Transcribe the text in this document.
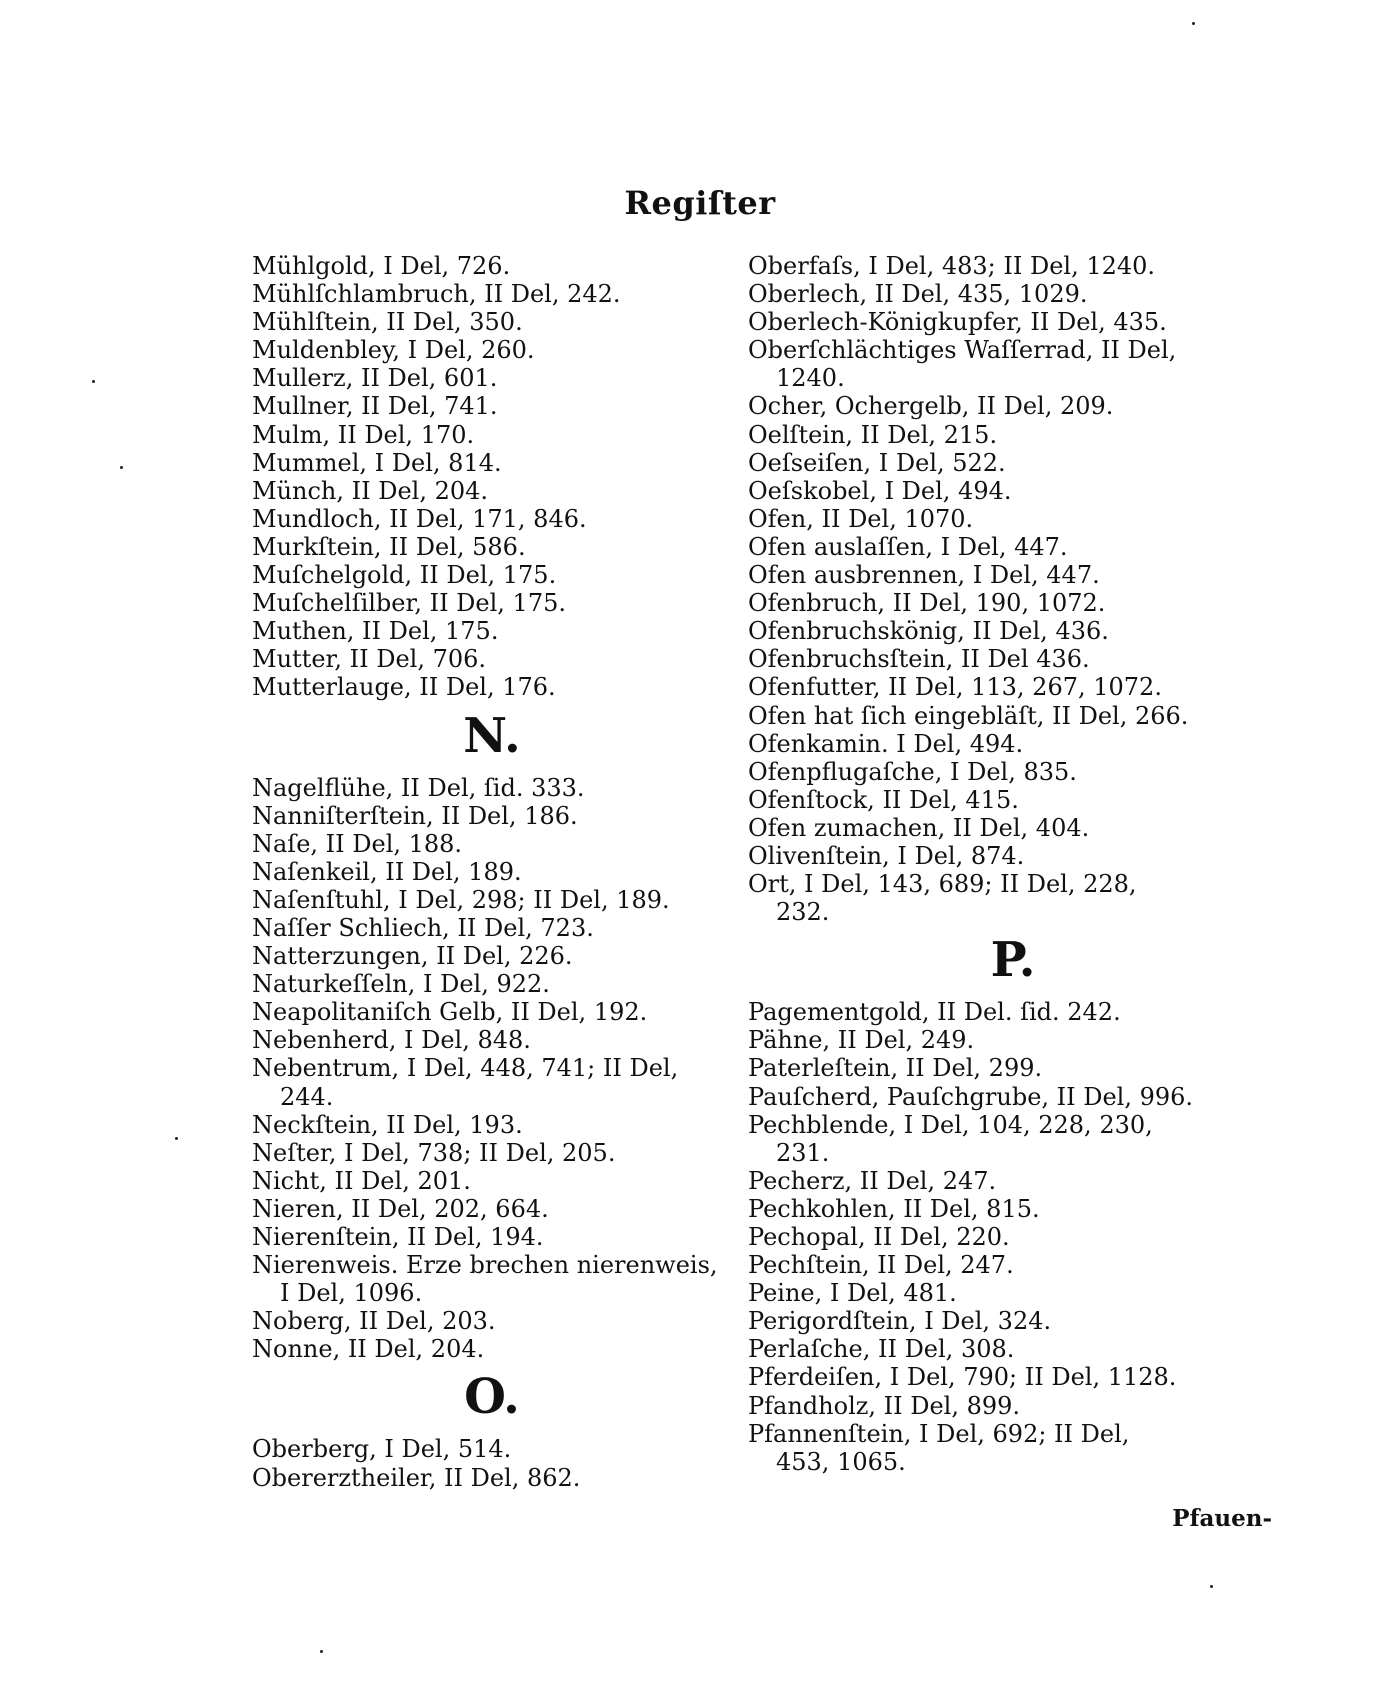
Regiſter
Mühlgold, I Del, 726.
Mühlſchlambruch, II Del, 242.
Mühlſtein, II Del, 350.
Muldenbley, I Del, 260.
Mullerz, II Del, 601.
Mullner, II Del, 741.
Mulm, II Del, 170.
Mummel, I Del, 814.
Münch, II Del, 204.
Mundloch, II Del, 171, 846.
Murkſtein, II Del, 586.
Muſchelgold, II Del, 175.
Muſchelſilber, II Del, 175.
Muthen, II Del, 175.
Mutter, II Del, 706.
Mutterlauge, II Del, 176.
N.
Nagelflühe, II Del, ſid. 333.
Nanniſterſtein, II Del, 186.
Naſe, II Del, 188.
Naſenkeil, II Del, 189.
Naſenſtuhl, I Del, 298; II Del, 189.
Naſſer Schliech, II Del, 723.
Natterzungen, II Del, 226.
Naturkeſſeln, I Del, 922.
Neapolitaniſch Gelb, II Del, 192.
Nebenherd, I Del, 848.
Nebentrum, I Del, 448, 741; II Del,
244.
Neckſtein, II Del, 193.
Neſter, I Del, 738; II Del, 205.
Nicht, II Del, 201.
Nieren, II Del, 202, 664.
Nierenſtein, II Del, 194.
Nierenweis. Erze brechen nierenweis,
I Del, 1096.
Noberg, II Del, 203.
Nonne, II Del, 204.
O.
Oberberg, I Del, 514.
Obererztheiler, II Del, 862.
Oberfaſs, I Del, 483; II Del, 1240.
Oberlech, II Del, 435, 1029.
Oberlech-Königkupfer, II Del, 435.
Oberſchlächtiges Waſſerrad, II Del,
1240.
Ocher, Ochergelb, II Del, 209.
Oelſtein, II Del, 215.
Oeſseiſen, I Del, 522.
Oeſskobel, I Del, 494.
Ofen, II Del, 1070.
Ofen auslaſſen, I Del, 447.
Ofen ausbrennen, I Del, 447.
Ofenbruch, II Del, 190, 1072.
Ofenbruchskönig, II Del, 436.
Ofenbruchsſtein, II Del 436.
Ofenfutter, II Del, 113, 267, 1072.
Ofen hat ſich eingebläſt, II Del, 266.
Ofenkamin. I Del, 494.
Ofenpflugaſche, I Del, 835.
Ofenſtock, II Del, 415.
Ofen zumachen, II Del, 404.
Olivenſtein, I Del, 874.
Ort, I Del, 143, 689; II Del, 228,
232.
P.
Pagementgold, II Del. ſid. 242.
Pähne, II Del, 249.
Paterleſtein, II Del, 299.
Pauſcherd, Pauſchgrube, II Del, 996.
Pechblende, I Del, 104, 228, 230,
231.
Pecherz, II Del, 247.
Pechkohlen, II Del, 815.
Pechopal, II Del, 220.
Pechſtein, II Del, 247.
Peine, I Del, 481.
Perigordſtein, I Del, 324.
Perlaſche, II Del, 308.
Pferdeiſen, I Del, 790; II Del, 1128.
Pfandholz, II Del, 899.
Pfannenſtein, I Del, 692; II Del,
453, 1065.
Pfauen-
